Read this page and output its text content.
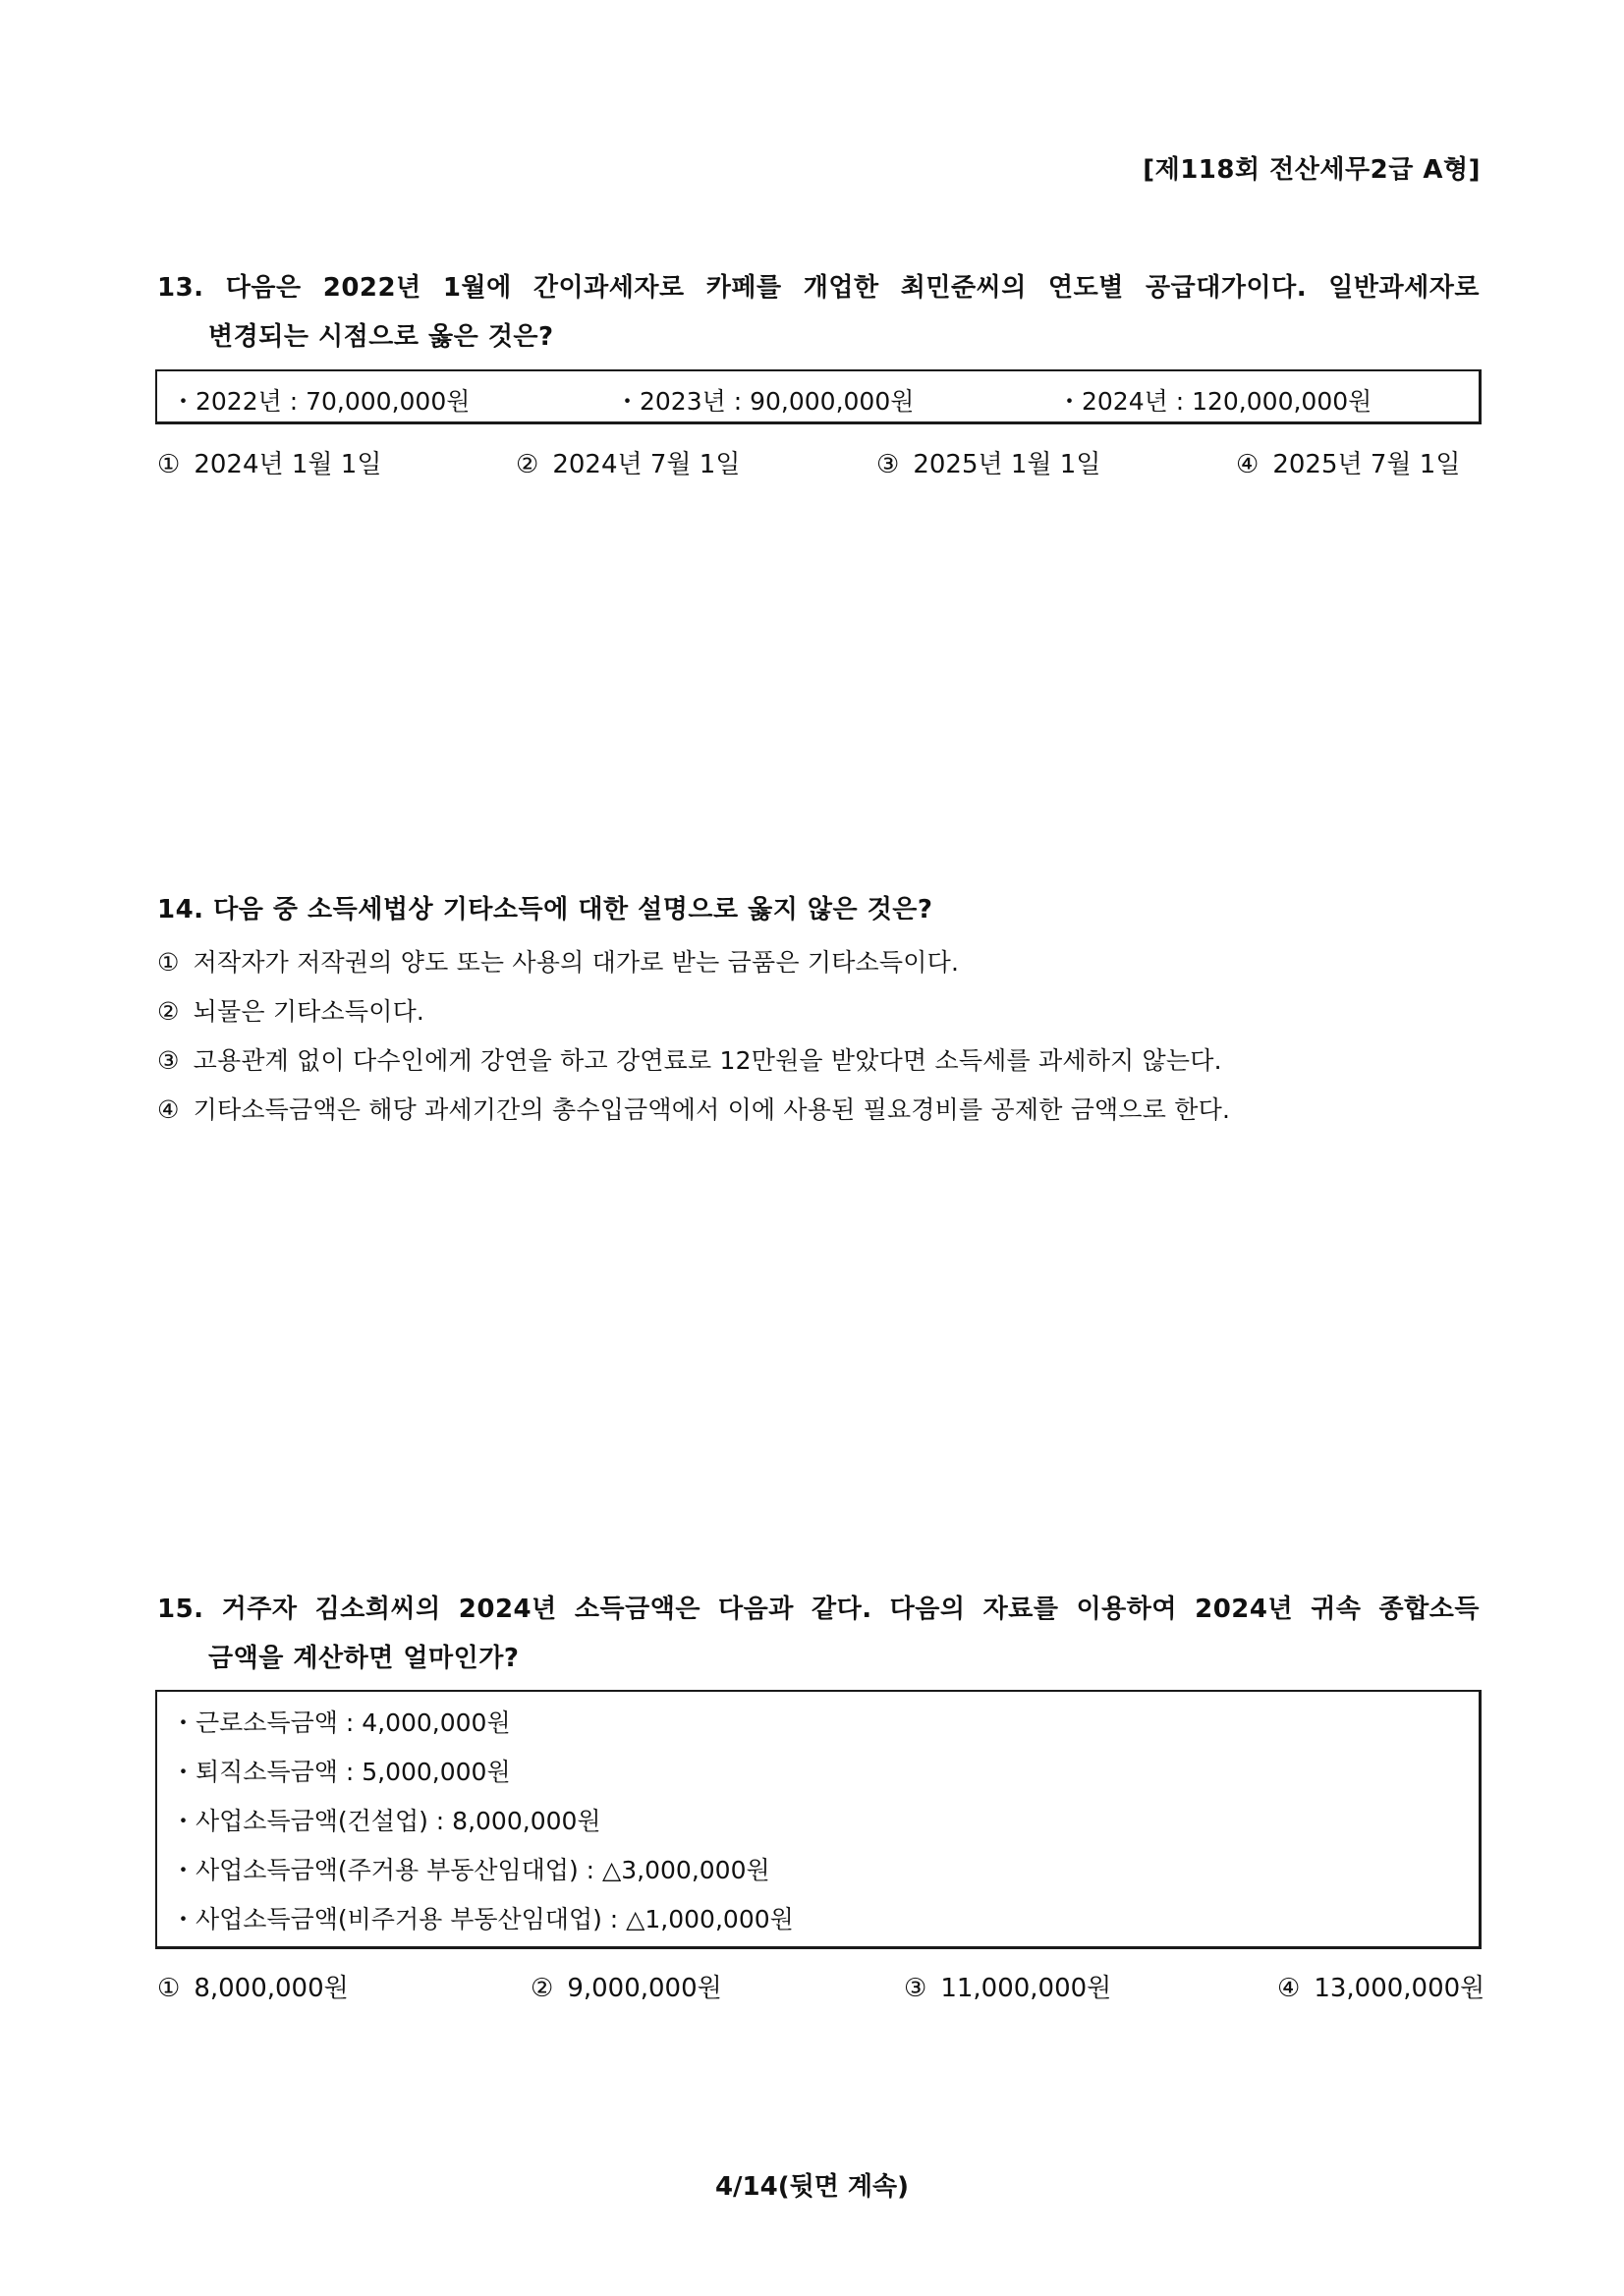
[제118회 전산세무2급 A형]
13. 다음은 2022년 1월에 간이과세자로 카페를 개업한 최민준씨의 연도별 공급대가이다. 일반과세자로
변경되는 시점으로 옳은 것은?
・2022년 : 70,000,000원	・2023년 : 90,000,000원	・2024년 : 120,000,000원
① 2024년 1월 1일	② 2024년 7월 1일	③ 2025년 1월 1일	④ 2025년 7월 1일
14. 다음 중 소득세법상 기타소득에 대한 설명으로 옳지 않은 것은?
① 저작자가 저작권의 양도 또는 사용의 대가로 받는 금품은 기타소득이다.
② 뇌물은 기타소득이다.
③ 고용관계 없이 다수인에게 강연을 하고 강연료로 12만원을 받았다면 소득세를 과세하지 않는다.
④ 기타소득금액은 해당 과세기간의 총수입금액에서 이에 사용된 필요경비를 공제한 금액으로 한다.
15. 거주자 김소희씨의 2024년 소득금액은 다음과 같다. 다음의 자료를 이용하여 2024년 귀속 종합소득
금액을 계산하면 얼마인가?
・근로소득금액 : 4,000,000원
・퇴직소득금액 : 5,000,000원
・사업소득금액(건설업) : 8,000,000원
・사업소득금액(주거용 부동산임대업) : △3,000,000원
・사업소득금액(비주거용 부동산임대업) : △1,000,000원
① 8,000,000원	② 9,000,000원	③ 11,000,000원	④ 13,000,000원
4/14(뒷면 계속)
